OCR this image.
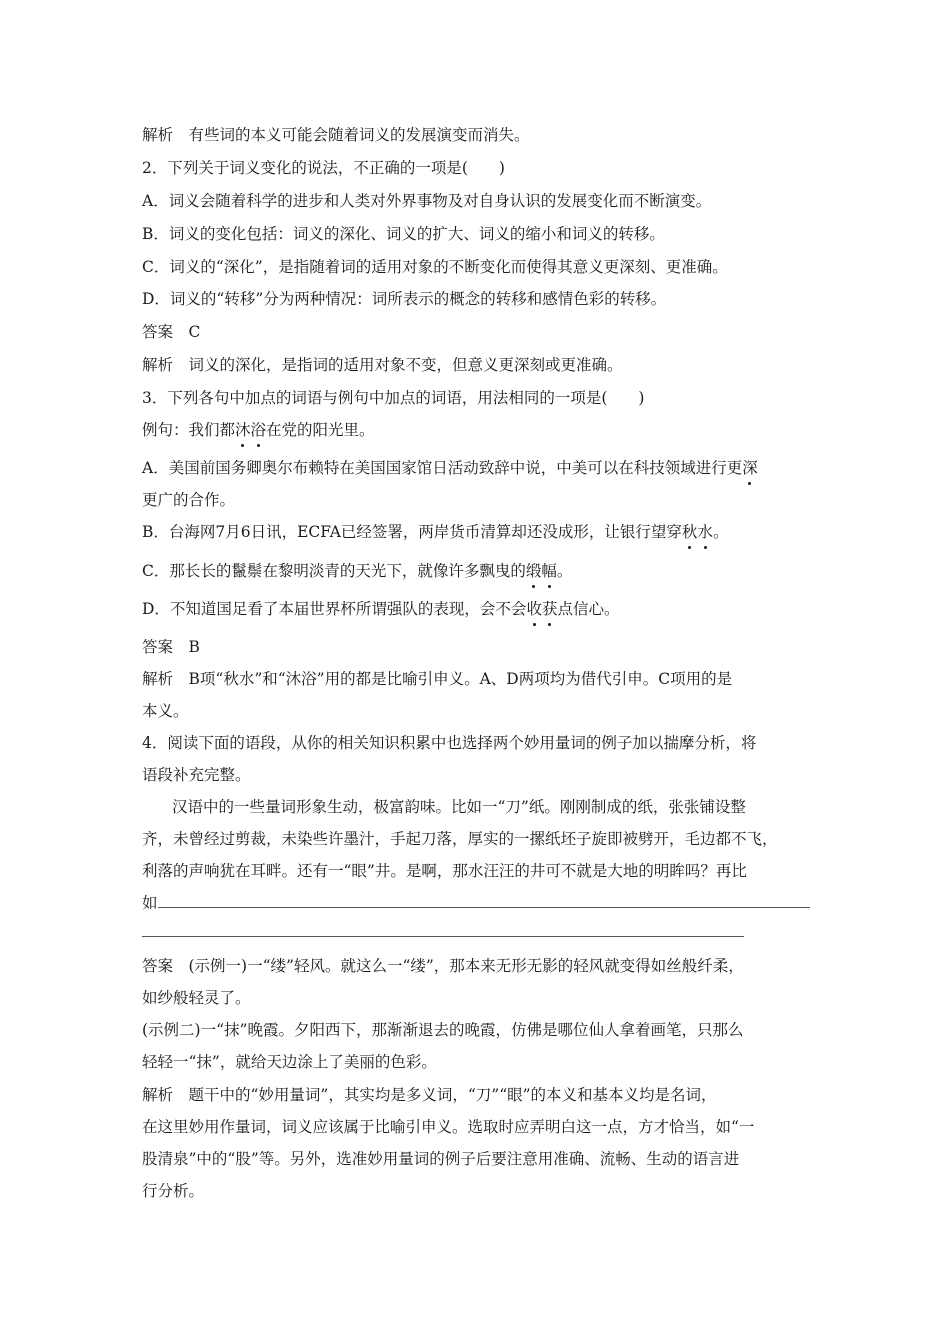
解析　有些词的本义可能会随着词义的发展演变而消失。
2．下列关于词义变化的说法，不正确的一项是(　　)
A．词义会随着科学的进步和人类对外界事物及对自身认识的发展变化而不断演变。
B．词义的变化包括：词义的深化、词义的扩大、词义的缩小和词义的转移。
C．词义的“深化”，是指随着词的适用对象的不断变化而使得其意义更深刻、更准确。
D．词义的“转移”分为两种情况：词所表示的概念的转移和感情色彩的转移。
答案　C
解析　词义的深化，是指词的适用对象不变，但意义更深刻或更准确。
3．下列各句中加点的词语与例句中加点的词语，用法相同的一项是(　　)
例句：我们都沐浴在党的阳光里。
A．美国前国务卿奥尔布赖特在美国国家馆日活动致辞中说，中美可以在科技领域进行更深
更广的合作。
B．台海网7月6日讯，ECFA已经签署，两岸货币清算却还没成形，让银行望穿秋水。
C．那长长的鬣鬃在黎明淡青的天光下，就像许多飘曳的缎幅。
D．不知道国足看了本届世界杯所谓强队的表现，会不会收获点信心。
答案　B
解析　B项“秋水”和“沐浴”用的都是比喻引申义。A、D两项均为借代引申。C项用的是
本义。
4．阅读下面的语段，从你的相关知识积累中也选择两个妙用量词的例子加以揣摩分析，将
语段补充完整。
汉语中的一些量词形象生动，极富韵味。比如一“刀”纸。刚刚制成的纸，张张铺设整
齐，未曾经过剪裁，未染些许墨汁，手起刀落，厚实的一摞纸坯子旋即被劈开，毛边都不飞，
利落的声响犹在耳畔。还有一“眼”井。是啊，那水汪汪的井可不就是大地的明眸吗？再比
如
答案　(示例一)一“缕”轻风。就这么一“缕”，那本来无形无影的轻风就变得如丝般纤柔，
如纱般轻灵了。
(示例二)一“抹”晚霞。夕阳西下，那渐渐退去的晚霞，仿佛是哪位仙人拿着画笔，只那么
轻轻一“抹”，就给天边涂上了美丽的色彩。
解析　题干中的“妙用量词”，其实均是多义词，“刀”“眼”的本义和基本义均是名词，
在这里妙用作量词，词义应该属于比喻引申义。选取时应弄明白这一点，方才恰当，如“一
股清泉”中的“股”等。另外，选准妙用量词的例子后要注意用准确、流畅、生动的语言进
行分析。
